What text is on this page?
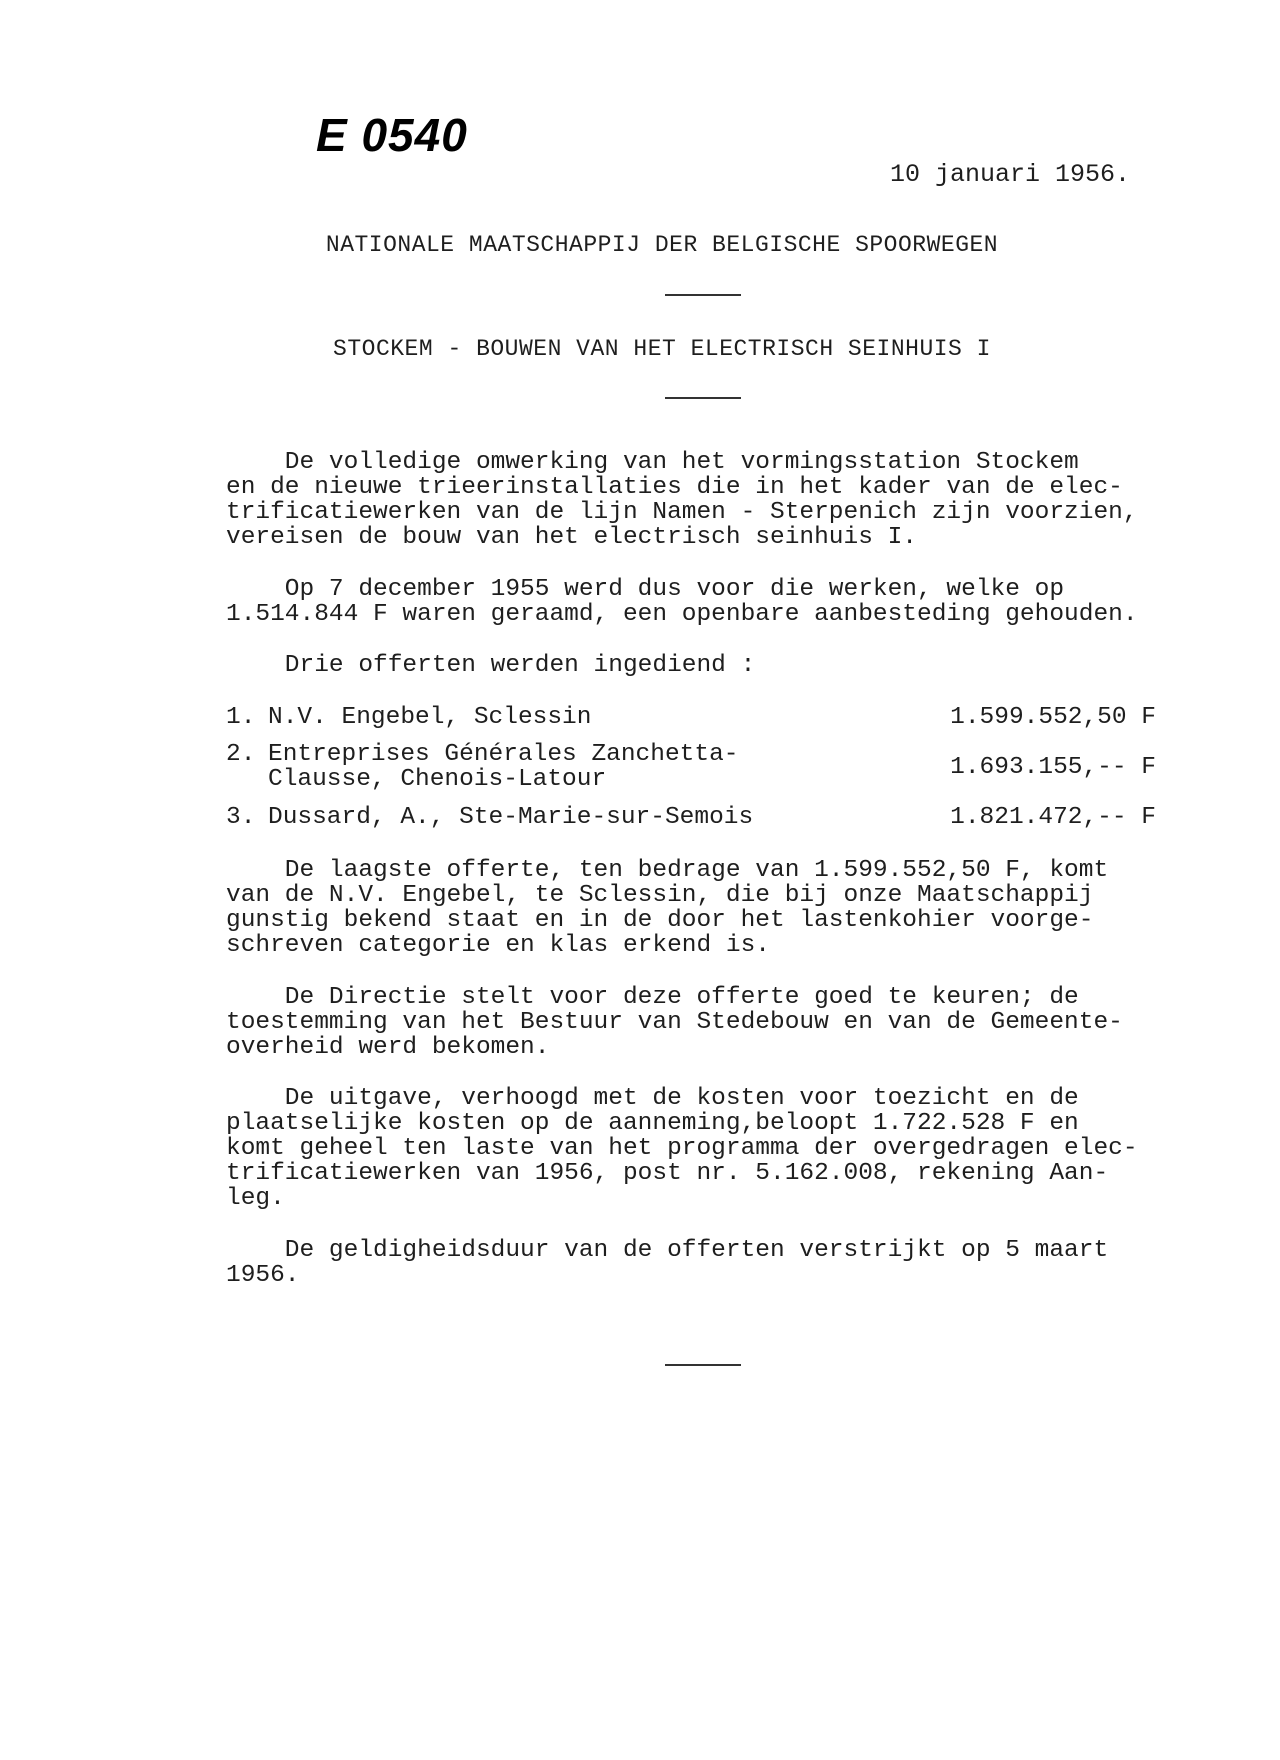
E 0540
10 januari 1956.
NATIONALE MAATSCHAPPIJ DER BELGISCHE SPOORWEGEN
STOCKEM - BOUWEN VAN HET ELECTRISCH SEINHUIS I

De volledige omwerking van het vormingsstation Stockem
en de nieuwe trieerinstallaties die in het kader van de elec-
trificatiewerken van de lijn Namen - Sterpenich zijn voorzien,
vereisen de bouw van het electrisch seinhuis I.

Op 7 december 1955 werd dus voor die werken, welke op
1.514.844 F waren geraamd, een openbare aanbesteding gehouden.

Drie offerten werden ingediend :

1. N.V. Engebel, Sclessin	1.599.552,50 F
2. Entreprises Générales Zanchetta-
Clausse, Chenois-Latour	1.693.155,-- F
3. Dussard, A., Ste-Marie-sur-Semois	1.821.472,-- F

De laagste offerte, ten bedrage van 1.599.552,50 F, komt
van de N.V. Engebel, te Sclessin, die bij onze Maatschappij
gunstig bekend staat en in de door het lastenkohier voorge-
schreven categorie en klas erkend is.

De Directie stelt voor deze offerte goed te keuren; de
toestemming van het Bestuur van Stedebouw en van de Gemeente-
overheid werd bekomen.

De uitgave, verhoogd met de kosten voor toezicht en de
plaatselijke kosten op de aanneming,beloopt 1.722.528 F en
komt geheel ten laste van het programma der overgedragen elec-
trificatiewerken van 1956, post nr. 5.162.008, rekening Aan-
leg.

De geldigheidsduur van de offerten verstrijkt op 5 maart
1956.
